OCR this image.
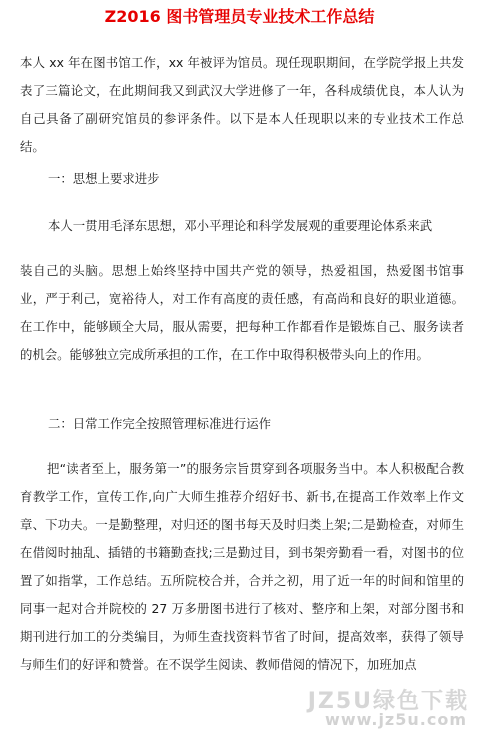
Z2016 图书管理员专业技术工作总结

本人 xx 年在图书馆工作，xx 年被评为馆员。现任现职期间，在学院学报上共发表了三篇论文，在此期间我又到武汉大学进修了一年，各科成绩优良，本人认为自己具备了副研究馆员的参评条件。以下是本人任现职以来的专业技术工作总结。

一：思想上要求进步

本人一贯用毛泽东思想，邓小平理论和科学发展观的重要理论体系来武

装自己的头脑。思想上始终坚持中国共产党的领导，热爱祖国，热爱图书馆事业，严于利己，宽裕待人，对工作有高度的责任感，有高尚和良好的职业道德。在工作中，能够顾全大局，服从需要，把每种工作都看作是锻炼自己、服务读者的机会。能够独立完成所承担的工作，在工作中取得积极带头向上的作用。

二：日常工作完全按照管理标准进行运作

把“读者至上，服务第一”的服务宗旨贯穿到各项服务当中。本人积极配合教育教学工作，宣传工作,向广大师生推荐介绍好书、新书,在提高工作效率上作文章、下功夫。一是勤整理，对归还的图书每天及时归类上架;二是勤检查，对师生在借阅时抽乱、插错的书籍勤查找;三是勤过目，到书架旁勤看一看，对图书的位置了如指掌，工作总结。五所院校合并，合并之初，用了近一年的时间和馆里的同事一起对合并院校的 27 万多册图书进行了核对、整序和上架，对部分图书和期刊进行加工的分类编目，为师生查找资料节省了时间，提高效率，获得了领导与师生们的好评和赞誉。在不误学生阅读、教师借阅的情况下，加班加点

JZ5U绿色下载
www.jz5u.com
